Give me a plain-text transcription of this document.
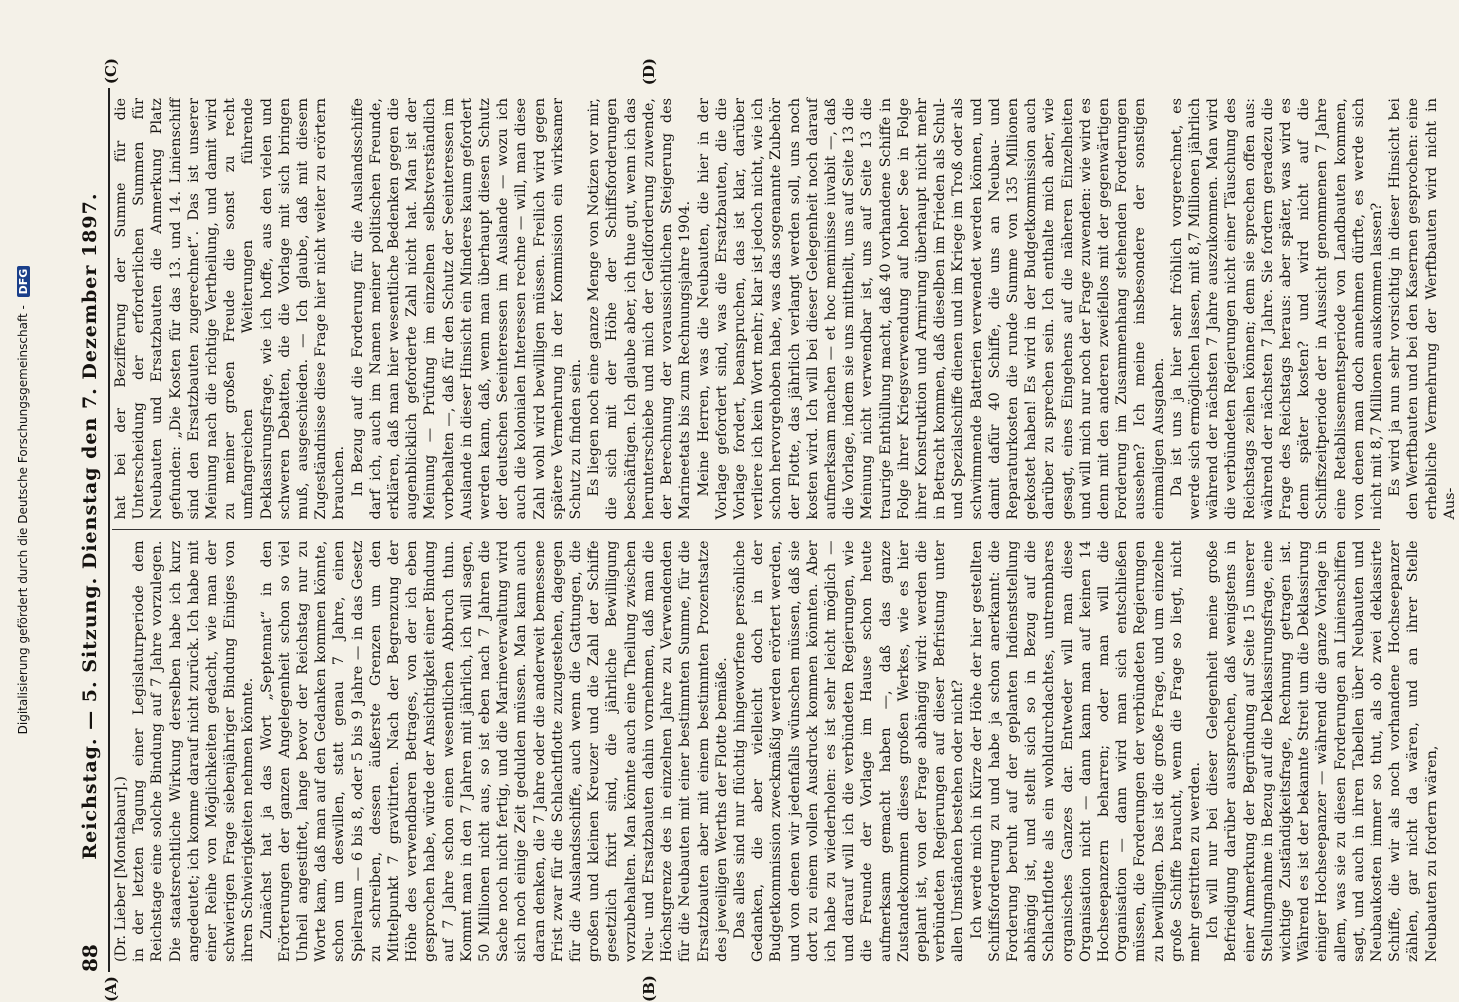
Digitalisierung gefördert durch die Deutsche Forschungsgemeinschaft - DFG
88
Reichstag. — 5. Sitzung. Dienstag den 7. Dezember 1897.

(Dr. Lieber [Montabaur].) in der letzten Tagung einer Legislaturperiode dem Reichstage eine solche Bindung auf 7 Jahre vorzulegen. Die staatsrechtliche Wirkung derselben habe ich kurz angedeutet; ich komme darauf nicht zurück. Ich habe mit einer Reihe von Möglichkeiten gedacht, wie man der schwierigen Frage siebenjähriger Bindung Einiges von ihren Schwierigkeiten nehmen könnte. Zunächst hat ja das Wort „Septennat“ in den Erörterungen der ganzen Angelegenheit schon so viel Unheil angestiftet, lange bevor der Reichstag nur zu Worte kam, daß man auf den Gedanken kommen könnte, schon um deswillen, statt genau 7 Jahre, einen Spielraum — 6 bis 8, oder 5 bis 9 Jahre — in das Gesetz zu schreiben, dessen äußerste Grenzen um den Mittelpunkt 7 gravitirten. Nach der Begrenzung der Höhe des verwendbaren Betrages, von der ich eben gesprochen habe, würde der Ansichtigkeit einer Bindung auf 7 Jahre schon einen wesentlichen Abbruch thun. Kommt man in den 7 Jahren mit jährlich, ich will sagen, 50 Millionen nicht aus, so ist eben nach 7 Jahren die Sache noch nicht fertig, und die Marineverwaltung wird sich noch einige Zeit gedulden müssen. Man kann auch daran denken, die 7 Jahre oder die anderweit bemessene Frist zwar für die Schlachtflotte zuzugestehen, dagegen für die Auslandsschiffe, auch wenn die Gattungen, die großen und kleinen Kreuzer und die Zahl der Schiffe gesetzlich fixirt sind, die jährliche Bewilligung vorzubehalten. Man könnte auch eine Theilung zwischen Neu- und Ersatzbauten dahin vornehmen, daß man die Höchstgrenze des in einzelnen Jahre zu Verwendenden für die Neubauten mit einer bestimmten Summe, für die Ersatzbauten aber mit einem bestimmten Prozentsatze des jeweiligen Werths der Flotte bemäße. Das alles sind nur flüchtig hingeworfene persönliche Gedanken, die aber vielleicht doch in der Budgetkommission zweckmäßig werden erörtert werden, und von denen wir jedenfalls wünschen müssen, daß sie dort zu einem vollen Ausdruck kommen könnten. Aber ich habe zu wiederholen: es ist sehr leicht möglich — und darauf will ich die verbündeten Regierungen, wie die Freunde der Vorlage im Hause schon heute aufmerksam gemacht haben —, daß das ganze Zustandekommen dieses großen Werkes, wie es hier geplant ist, von der Frage abhängig wird: werden die verbündeten Regierungen auf dieser Befristung unter allen Umständen bestehen oder nicht? Ich werde mich in Kürze der Höhe der hier gestellten Schiffsforderung zu und habe ja schon anerkannt: die Forderung beruht auf der geplanten Indienststellung abhängig ist, und stellt sich so in Bezug auf die Schlachtflotte als ein wohldurchdachtes, untrennbares organisches Ganzes dar. Entweder will man diese Organisation nicht — dann kann man auf keinen 14 Hochseepanzern beharren; oder man will die Organisation — dann wird man sich entschließen müssen, die Forderungen der verbündeten Regierungen zu bewilligen. Das ist die große Frage, und um einzelne große Schiffe braucht, wenn die Frage so liegt, nicht mehr gestritten zu werden. Ich will nur bei dieser Gelegenheit meine große Befriedigung darüber aussprechen, daß wenigstens in einer Anmerkung der Begründung auf Seite 15 unserer Stellungnahme in Bezug auf die Deklassirungsfrage, eine wichtige Zuständigkeitsfrage, Rechnung getragen ist. Während es ist der bekannte Streit um die Deklassirung einiger Hochseepanzer — während die ganze Vorlage in allem, was sie zu diesen Forderungen an Linienschiffen sagt, und auch in ihren Tabellen über Neubauten und Neubaukosten immer so thut, als ob zwei deklassirte Schiffe, die wir als noch vorhandene Hochseepanzer zählen, gar nicht da wären, und an ihrer Stelle Neubauten zu fordern wären,

hat bei der Bezifferung der Summe für die Unterscheidung der erforderlichen Summen für Neubauten und Ersatzbauten die Anmerkung Platz gefunden: „Die Kosten für das 13. und 14. Linienschiff sind den Ersatzbauten zugerechnet“. Das ist unserer Meinung nach die richtige Vertheilung, und damit wird zu meiner großen Freude die sonst zu recht umfangreichen Weiterungen führende Deklassirungsfrage, wie ich hoffe, aus den vielen und schweren Debatten, die die Vorlage mit sich bringen muß, ausgeschieden. — Ich glaube, daß mit diesem Zugeständnisse diese Frage hier nicht weiter zu erörtern brauchen. In Bezug auf die Forderung für die Auslandsschiffe darf ich, auch im Namen meiner politischen Freunde, erklären, daß man hier wesentliche Bedenken gegen die augenblicklich geforderte Zahl nicht hat. Man ist der Meinung — Prüfung im einzelnen selbstverständlich vorbehalten —, daß für den Schutz der Seeinteressen im Auslande in dieser Hinsicht ein Minderes kaum gefordert werden kann, daß, wenn man überhaupt diesen Schutz der deutschen Seeinteressen im Auslande — wozu ich auch die kolonialen Interessen rechne — will, man diese Zahl wohl wird bewilligen müssen. Freilich wird gegen spätere Vermehrung in der Kommission ein wirksamer Schutz zu finden sein. Es liegen noch eine ganze Menge von Notizen vor mir, die sich mit der Höhe der Schiffsforderungen beschäftigen. Ich glaube aber, ich thue gut, wenn ich das herunterschiebe und mich der Geldforderung zuwende, der Berechnung der voraussichtlichen Steigerung des Marineetats bis zum Rechnungsjahre 1904. Meine Herren, was die Neubauten, die hier in der Vorlage gefordert sind, was die Ersatzbauten, die die Vorlage fordert, beanspruchen, das ist klar, darüber verliere ich kein Wort mehr; klar ist jedoch nicht, wie ich schon hervorgehoben habe, was das sogenannte Zubehör der Flotte, das jährlich verlangt werden soll, uns noch kosten wird. Ich will bei dieser Gelegenheit noch darauf aufmerksam machen — et hoc meminisse iuvabit —, daß die Vorlage, indem sie uns mittheilt, uns auf Seite 13 die Meinung nicht verwendbar ist, uns auf Seite 13 die traurige Enthüllung macht, daß 40 vorhandene Schiffe in Folge ihrer Kriegsverwendung auf hoher See in Folge ihrer Konstruktion und Armirung überhaupt nicht mehr in Betracht kommen, daß dieselben im Frieden als Schul- und Spezialschiffe dienen und im Kriege im Troß oder als schwimmende Batterien verwendet werden können, und damit dafür 40 Schiffe, die uns an Neubau- und Reparaturkosten die runde Summe von 135 Millionen gekostet haben! Es wird in der Budgetkommission auch darüber zu sprechen sein. Ich enthalte mich aber, wie gesagt, eines Eingehens auf die näheren Einzelheiten und will mich nur noch der Frage zuwenden: wie wird es denn mit den anderen zweifellos mit der gegenwärtigen Forderung im Zusammenhang stehenden Forderungen aussehen? Ich meine insbesondere der sonstigen einmaligen Ausgaben. Da ist uns ja hier sehr fröhlich vorgerechnet, es werde sich ermöglichen lassen, mit 8,7 Millionen jährlich während der nächsten 7 Jahre auszukommen. Man wird die verbündeten Regierungen nicht einer Täuschung des Reichstags zeihen können; denn sie sprechen offen aus: während der nächsten 7 Jahre. Sie fordern geradezu die Frage des Reichstags heraus: aber später, was wird es denn später kosten? und wird nicht auf die Schiffszeitperiode der in Aussicht genommenen 7 Jahre eine Retablissementsperiode von Landbauten kommen, von denen man doch annehmen dürfte, es werde sich nicht mit 8,7 Millionen auskommen lassen? Es wird ja nun sehr vorsichtig in dieser Hinsicht bei den Werftbauten und bei den Kasernen gesprochen: eine erhebliche Vermehrung der Werftbauten wird nicht in Aus-

(A)	(B)
(C)	(D)
